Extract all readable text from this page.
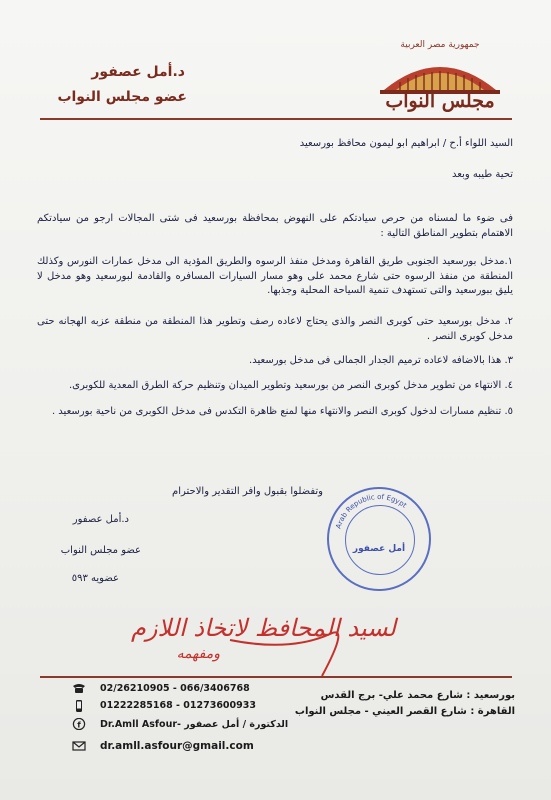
جمهورية مصر العربية
مجلس النواب
د.أمل عصفور
عضو مجلس النواب
السيد اللواء أ.ح / ابراهيم ابو ليمون محافظ بورسعيد
تحية طيبه وبعد
فى ضوء ما لمسناه من حرص سيادتكم على النهوض بمحافظة بورسعيد فى شتى المجالات ارجو من سيادتكم الاهتمام بتطوير المناطق التالية :
١.مدخل بورسعيد الجنوبى طريق القاهرة ومدخل منفذ الرسوه والطريق المؤدية الى مدخل عمارات النورس وكذلك المنطقة من منفذ الرسوه حتى شارع محمد على وهو مسار السيارات المسافره والقادمة لبورسعيد وهو مدخل لا يليق ببورسعيد والتى تستهدف تنمية السياحة المحلية وجذبها.
٢. مدخل بورسعيد حتى كوبرى النصر والذى يحتاج لاعاده رصف وتطوير هذا المنطقة من منطقة عزبه الهجانه حتى مدخل كوبرى النصر .
٣. هذا بالاضافه لاعاده ترميم الجدار الجمالى فى مدخل بورسعيد.
٤. الانتهاء من تطوير مدخل كوبرى النصر من بورسعيد وتطوير الميدان وتنظيم حركة الطرق المعدية للكوبرى.
٥. تنظيم مسارات لدخول كوبرى النصر والانتهاء منها لمنع ظاهرة التكدس فى مدخل الكوبرى من ناحية بورسعيد .
وتفضلوا بقبول وافر التقدير والاحترام
د.أمل عصفور
عضو مجلس النواب
عضويه ٥٩٣
Arab Republic of Egypt
أمل عصفور
لسيد المحافظ لاتخاذ اللازم
ومفهمه
02/26210905 - 066/3406768
01222285168 - 01273600933
f Dr.Amll Asfour- الدكتورة / أمل عصفور
dr.amll.asfour@gmail.com
بورسعيد : شارع محمد علي- برج القدس
القاهرة : شارع القصر العيني - مجلس النواب
